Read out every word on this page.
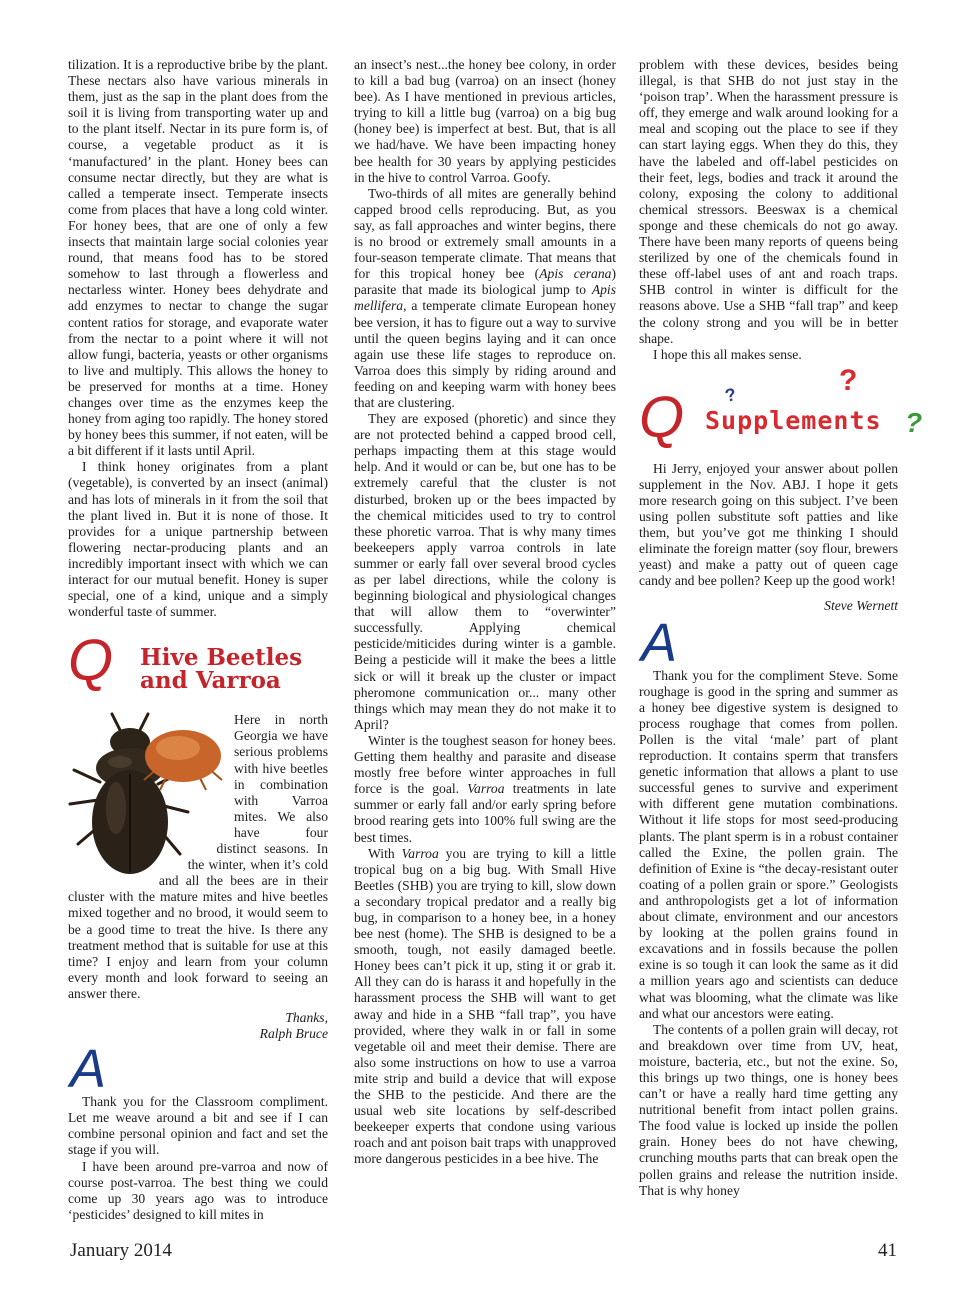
tilization. It is a reproductive bribe by the plant. These nectars also have various minerals in them, just as the sap in the plant does from the soil it is living from transporting water up and to the plant itself. Nectar in its pure form is, of course, a vegetable product as it is ‘manufactured’ in the plant. Honey bees can consume nectar directly, but they are what is called a temperate insect. Temperate insects come from places that have a long cold winter. For honey bees, that are one of only a few insects that maintain large social colonies year round, that means food has to be stored somehow to last through a flowerless and nectarless winter. Honey bees dehydrate and add enzymes to nectar to change the sugar content ratios for storage, and evaporate water from the nectar to a point where it will not allow fungi, bacteria, yeasts or other organisms to live and multiply. This allows the honey to be preserved for months at a time. Honey changes over time as the enzymes keep the honey from aging too rapidly. The honey stored by honey bees this summer, if not eaten, will be a bit different if it lasts until April.

I think honey originates from a plant (vegetable), is converted by an insect (animal) and has lots of minerals in it from the soil that the plant lived in. But it is none of those. It provides for a unique partnership between flowering nectar-producing plants and an incredibly important insect with which we can interact for our mutual benefit. Honey is super special, one of a kind, unique and a simply wonderful taste of summer.

Q Hive Beetles
and Varroa

Here in north Georgia we have serious problems with hive beetles in combination with Varroa mites. We also have four distinct seasons. In the winter, when it’s cold and all the bees are in their cluster with the mature mites and hive beetles mixed together and no brood, it would seem to be a good time to treat the hive. Is there any treatment method that is suitable for use at this time? I enjoy and learn from your column every month and look forward to seeing an answer there.

Thanks,

Ralph Bruce

A

Thank you for the Classroom compliment. Let me weave around a bit and see if I can combine personal opinion and fact and set the stage if you will.

I have been around pre-varroa and now of course post-varroa. The best thing we could come up 30 years ago was to introduce ‘pesticides’ designed to kill mites in

an insect’s nest...the honey bee colony, in order to kill a bad bug (varroa) on an insect (honey bee). As I have mentioned in previous articles, trying to kill a little bug (varroa) on a big bug (honey bee) is imperfect at best. But, that is all we had/have. We have been impacting honey bee health for 30 years by applying pesticides in the hive to control Varroa. Goofy.

Two-thirds of all mites are generally behind capped brood cells reproducing. But, as you say, as fall approaches and winter begins, there is no brood or extremely small amounts in a four-season temperate climate. That means that for this tropical honey bee (Apis cerana) parasite that made its biological jump to Apis mellifera, a temperate climate European honey bee version, it has to figure out a way to survive until the queen begins laying and it can once again use these life stages to reproduce on. Varroa does this simply by riding around and feeding on and keeping warm with honey bees that are clustering.

They are exposed (phoretic) and since they are not protected behind a capped brood cell, perhaps impacting them at this stage would help. And it would or can be, but one has to be extremely careful that the cluster is not disturbed, broken up or the bees impacted by the chemical miticides used to try to control these phoretic varroa. That is why many times beekeepers apply varroa controls in late summer or early fall over several brood cycles as per label directions, while the colony is beginning biological and physiological changes that will allow them to “overwinter” successfully. Applying chemical pesticide/miticides during winter is a gamble. Being a pesticide will it make the bees a little sick or will it break up the cluster or impact pheromone communication or... many other things which may mean they do not make it to April?

Winter is the toughest season for honey bees. Getting them healthy and parasite and disease mostly free before winter approaches in full force is the goal. Varroa treatments in late summer or early fall and/or early spring before brood rearing gets into 100% full swing are the best times.

With Varroa you are trying to kill a little tropical bug on a big bug. With Small Hive Beetles (SHB) you are trying to kill, slow down a secondary tropical predator and a really big bug, in comparison to a honey bee, in a honey bee nest (home). The SHB is designed to be a smooth, tough, not easily damaged beetle. Honey bees can’t pick it up, sting it or grab it. All they can do is harass it and hopefully in the harassment process the SHB will want to get away and hide in a SHB “fall trap”, you have provided, where they walk in or fall in some vegetable oil and meet their demise. There are also some instructions on how to use a varroa mite strip and build a device that will expose the SHB to the pesticide. And there are the usual web site locations by self-described beekeeper experts that condone using various roach and ant poison bait traps with unapproved more dangerous pesticides in a bee hive. The

problem with these devices, besides being illegal, is that SHB do not just stay in the ‘poison trap’. When the harassment pressure is off, they emerge and walk around looking for a meal and scoping out the place to see if they can start laying eggs. When they do this, they have the labeled and off-label pesticides on their feet, legs, bodies and track it around the colony, exposing the colony to additional chemical stressors. Beeswax is a chemical sponge and these chemicals do not go away. There have been many reports of queens being sterilized by one of the chemicals found in these off-label uses of ant and roach traps. SHB control in winter is difficult for the reasons above. Use a SHB “fall trap” and keep the colony strong and you will be in better shape.

I hope this all makes sense.

Q ?	?
?
Supplements

Hi Jerry, enjoyed your answer about pollen supplement in the Nov. ABJ. I hope it gets more research going on this subject. I’ve been using pollen substitute soft patties and like them, but you’ve got me thinking I should eliminate the foreign matter (soy flour, brewers yeast) and make a patty out of queen cage candy and bee pollen? Keep up the good work!

Steve Wernett

A

Thank you for the compliment Steve. Some roughage is good in the spring and summer as a honey bee digestive system is designed to process roughage that comes from pollen. Pollen is the vital ‘male’ part of plant reproduction. It contains sperm that transfers genetic information that allows a plant to use successful genes to survive and experiment with different gene mutation combinations. Without it life stops for most seed-producing plants. The plant sperm is in a robust container called the Exine, the pollen grain. The definition of Exine is “the decay-resistant outer coating of a pollen grain or spore.” Geologists and anthropologists get a lot of information about climate, environment and our ancestors by looking at the pollen grains found in excavations and in fossils because the pollen exine is so tough it can look the same as it did a million years ago and scientists can deduce what was blooming, what the climate was like and what our ancestors were eating.

The contents of a pollen grain will decay, rot and breakdown over time from UV, heat, moisture, bacteria, etc., but not the exine. So, this brings up two things, one is honey bees can’t or have a really hard time getting any nutritional benefit from intact pollen grains. The food value is locked up inside the pollen grain. Honey bees do not have chewing, crunching mouths parts that can break open the pollen grains and release the nutrition inside. That is why honey

January 2014	41
